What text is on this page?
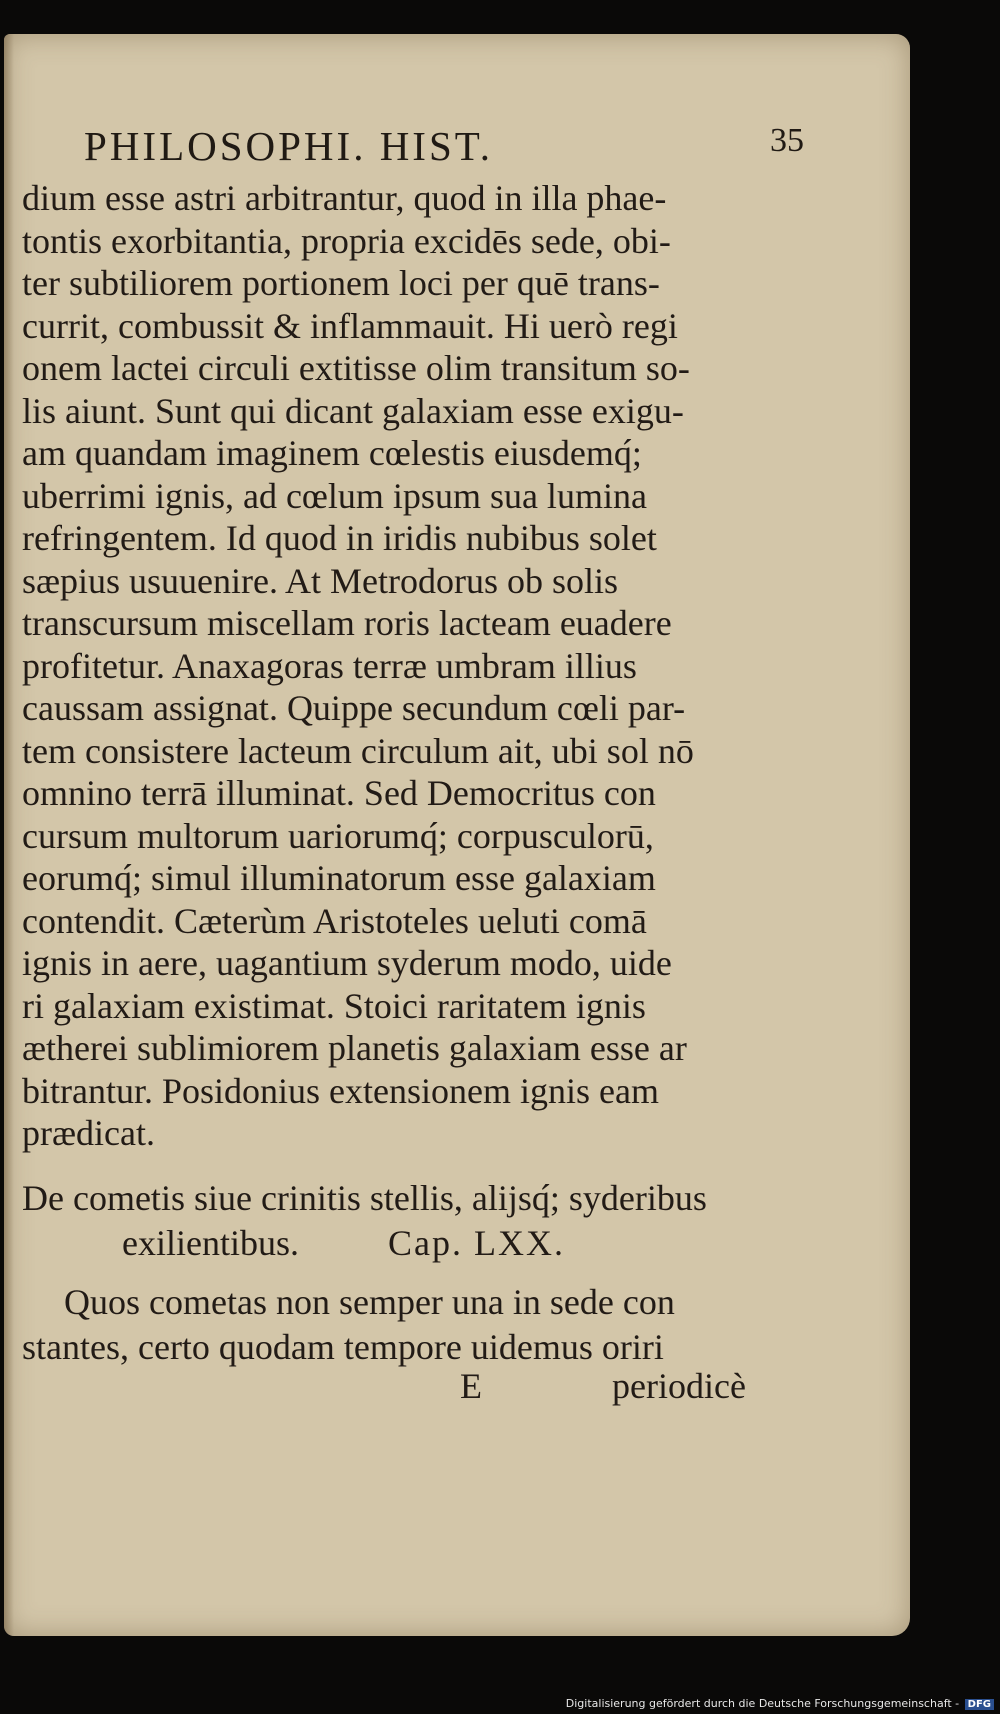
PHILOSOPHI. HIST.	35
dium esse astri arbitrantur, quod in illa phae-
tontis exorbitantia, propria excidēs sede, obi-
ter subtiliorem portionem loci per quē trans-
currit, combussit & inflammauit. Hi uerò regi
onem lactei circuli extitisse olim transitum so-
lis aiunt. Sunt qui dicant galaxiam esse exigu-
am quandam imaginem cœlestis eiusdemq́;
uberrimi ignis, ad cœlum ipsum sua lumina
refringentem. Id quod in iridis nubibus solet
sæpius usuuenire. At Metrodorus ob solis
transcursum miscellam roris lacteam euadere
profitetur. Anaxagoras terræ umbram illius
caussam assignat. Quippe secundum cœli par-
tem consistere lacteum circulum ait, ubi sol nō
omnino terrā illuminat. Sed Democritus con
cursum multorum uariorumq́; corpusculorū,
eorumq́; simul illuminatorum esse galaxiam
contendit. Cæterùm Aristoteles ueluti comā
ignis in aere, uagantium syderum modo, uide
ri galaxiam existimat. Stoici raritatem ignis
ætherei sublimiorem planetis galaxiam esse ar
bitrantur. Posidonius extensionem ignis eam
prædicat.
De cometis siue crinitis stellis, alijsq́; syderibus
exilientibus. Cap. LXX.
Quos cometas non semper una in sede con
stantes, certo quodam tempore uidemus oriri
E	periodicè
Digitalisierung gefördert durch die Deutsche Forschungsgemeinschaft - DFG
